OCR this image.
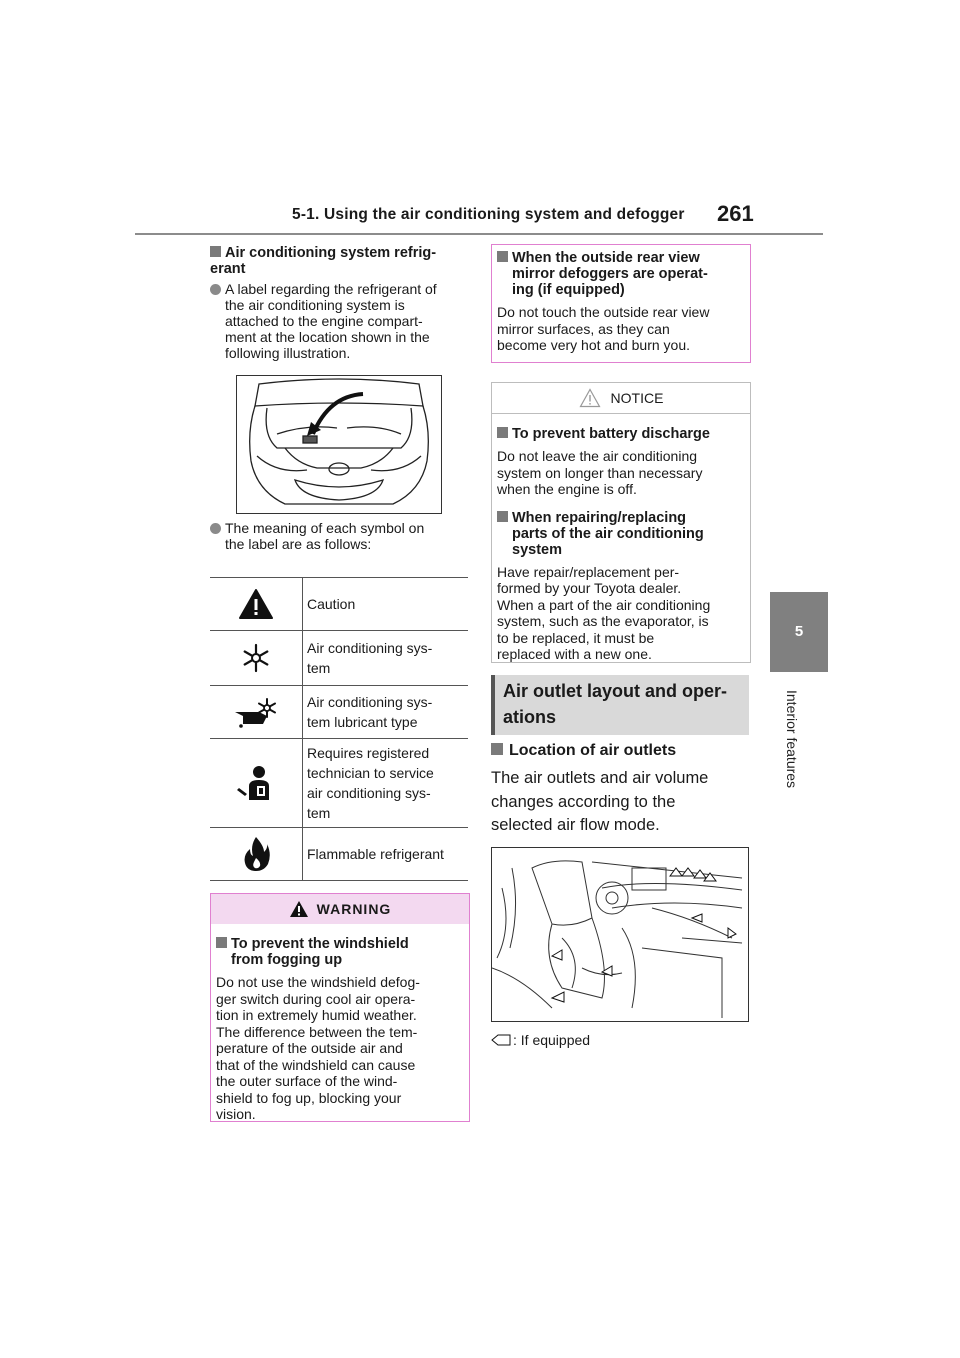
5-1. Using the air conditioning system and defogger 261
5
Interior features
Air conditioning system refrig-erant
A label regarding the refrigerant of
the air conditioning system is
attached to the engine compart-
ment at the location shown in the
following illustration.
The meaning of each symbol on
the label are as follows:
Caution
Air conditioning sys-
tem
Air conditioning sys-
tem lubricant type
Requires registered
technician to service
air conditioning sys-
tem
Flammable refrigerant
WARNING
To prevent the windshield
from fogging up
Do not use the windshield defog-
ger switch during cool air opera-
tion in extremely humid weather.
The difference between the tem-
perature of the outside air and
that of the windshield can cause
the outer surface of the wind-
shield to fog up, blocking your
vision.
When the outside rear view
mirror defoggers are operat-
ing (if equipped)
Do not touch the outside rear view
mirror surfaces, as they can
become very hot and burn you.
NOTICE
To prevent battery discharge
Do not leave the air conditioning
system on longer than necessary
when the engine is off.
When repairing/replacing
parts of the air conditioning
system
Have repair/replacement per-
formed by your Toyota dealer.
When a part of the air conditioning
system, such as the evaporator, is
to be replaced, it must be
replaced with a new one.
Air outlet layout and oper-
ations
Location of air outlets
The air outlets and air volume
changes according to the
selected air flow mode.
: If equipped
